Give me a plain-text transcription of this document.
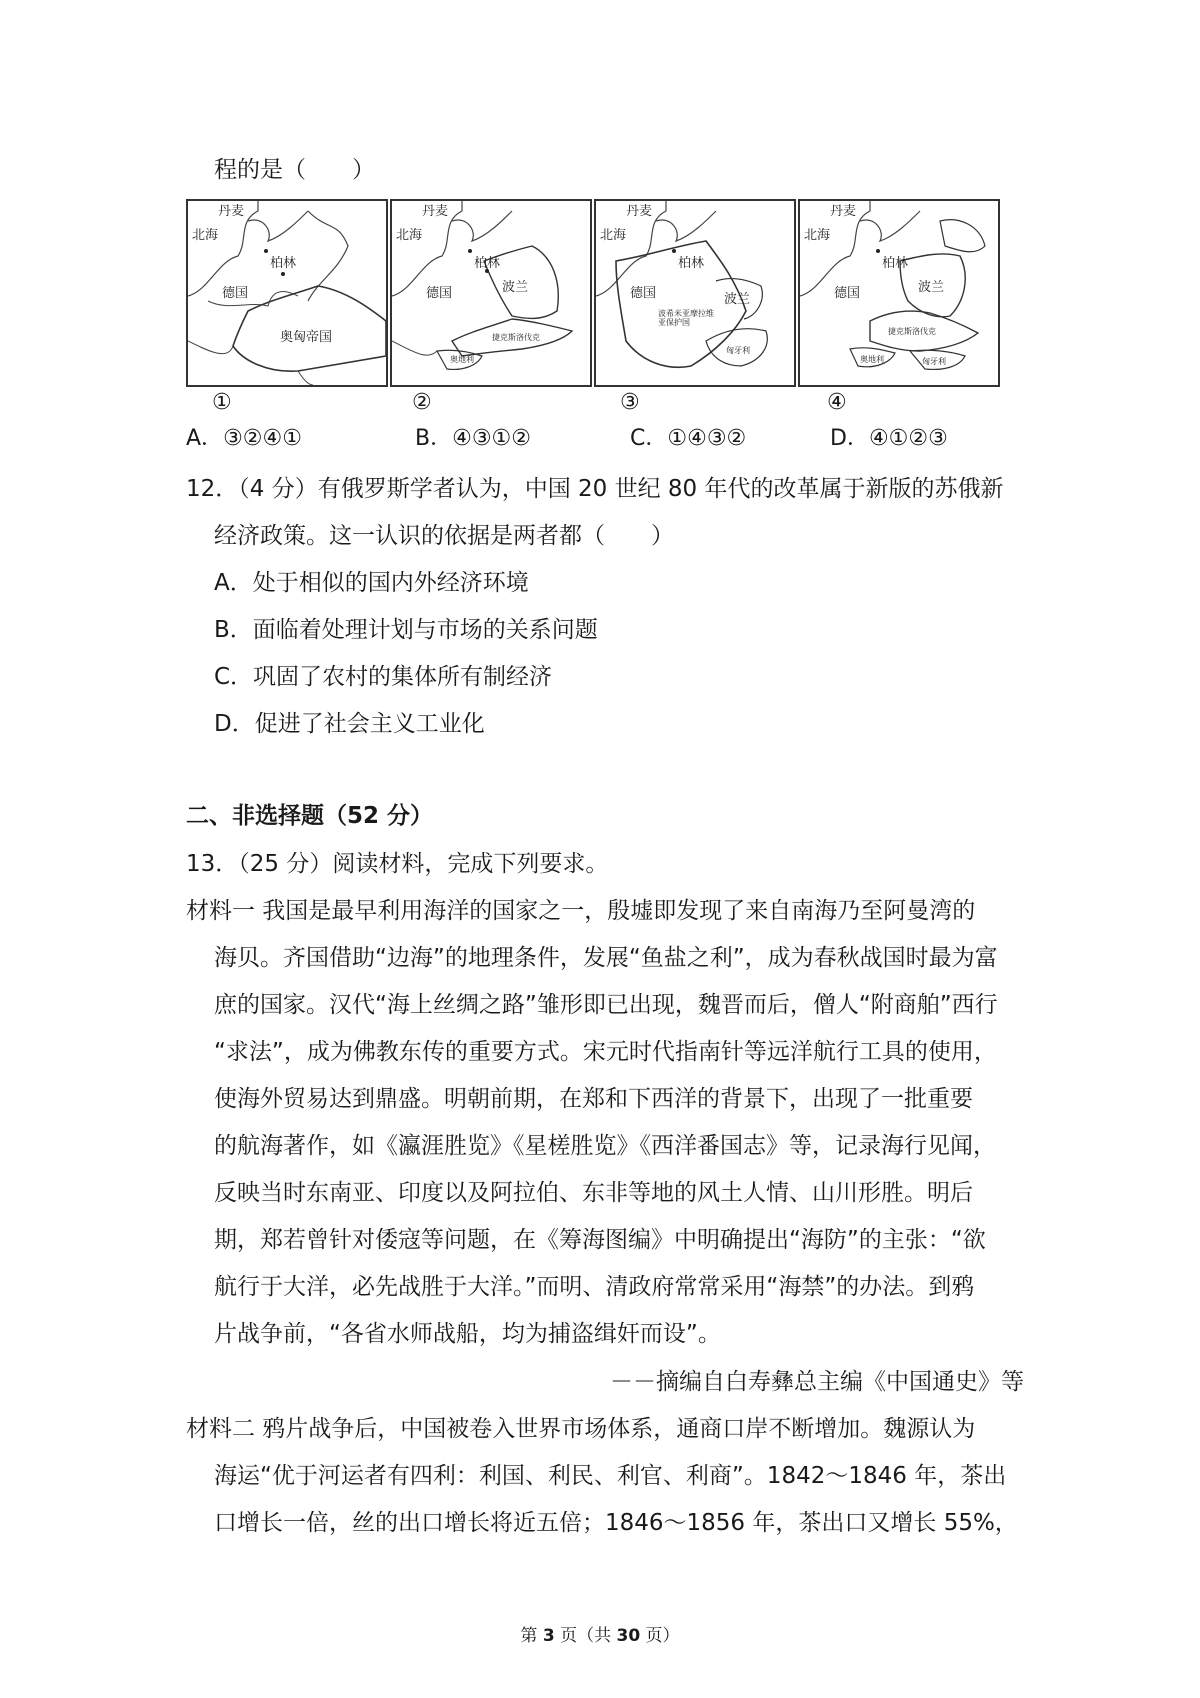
程的是（　　）
丹麦
北海
柏林
德国
奥匈帝国
丹麦
北海
柏林
德国	波兰
捷克斯洛伐克
奥地利
丹麦
北海
柏林
德国	波兰
波希米亚摩拉维亚保护国
匈牙利
丹麦
北海
柏林
德国	波兰
捷克斯洛伐克
奥地利	匈牙利
①	②	③	④
A．③②④①	B．④③①②	C．①④③②	D．④①②③
12．（4 分）有俄罗斯学者认为，中国 20 世纪 80 年代的改革属于新版的苏俄新
经济政策。这一认识的依据是两者都（　　）
A．处于相似的国内外经济环境
B．面临着处理计划与市场的关系问题
C．巩固了农村的集体所有制经济
D．促进了社会主义工业化
二、非选择题（52 分）
13．（25 分）阅读材料，完成下列要求。
材料一 我国是最早利用海洋的国家之一，殷墟即发现了来自南海乃至阿曼湾的
海贝。齐国借助“边海”的地理条件，发展“鱼盐之利”，成为春秋战国时最为富
庶的国家。汉代“海上丝绸之路”雏形即已出现，魏晋而后，僧人“附商舶”西行
“求法”，成为佛教东传的重要方式。宋元时代指南针等远洋航行工具的使用，
使海外贸易达到鼎盛。明朝前期，在郑和下西洋的背景下，出现了一批重要
的航海著作，如《瀛涯胜览》《星槎胜览》《西洋番国志》等，记录海行见闻，
反映当时东南亚、印度以及阿拉伯、东非等地的风土人情、山川形胜。明后
期，郑若曾针对倭寇等问题，在《筹海图编》中明确提出“海防”的主张：“欲
航行于大洋，必先战胜于大洋。”而明、清政府常常采用“海禁”的办法。到鸦
片战争前，“各省水师战船，均为捕盗缉奸而设”。
－－摘编自白寿彝总主编《中国通史》等
材料二 鸦片战争后，中国被卷入世界市场体系，通商口岸不断增加。魏源认为
海运“优于河运者有四利：利国、利民、利官、利商”。1842～1846 年，茶出
口增长一倍，丝的出口增长将近五倍；1846～1856 年，茶出口又增长 55%，
第 3 页（共 30 页）
